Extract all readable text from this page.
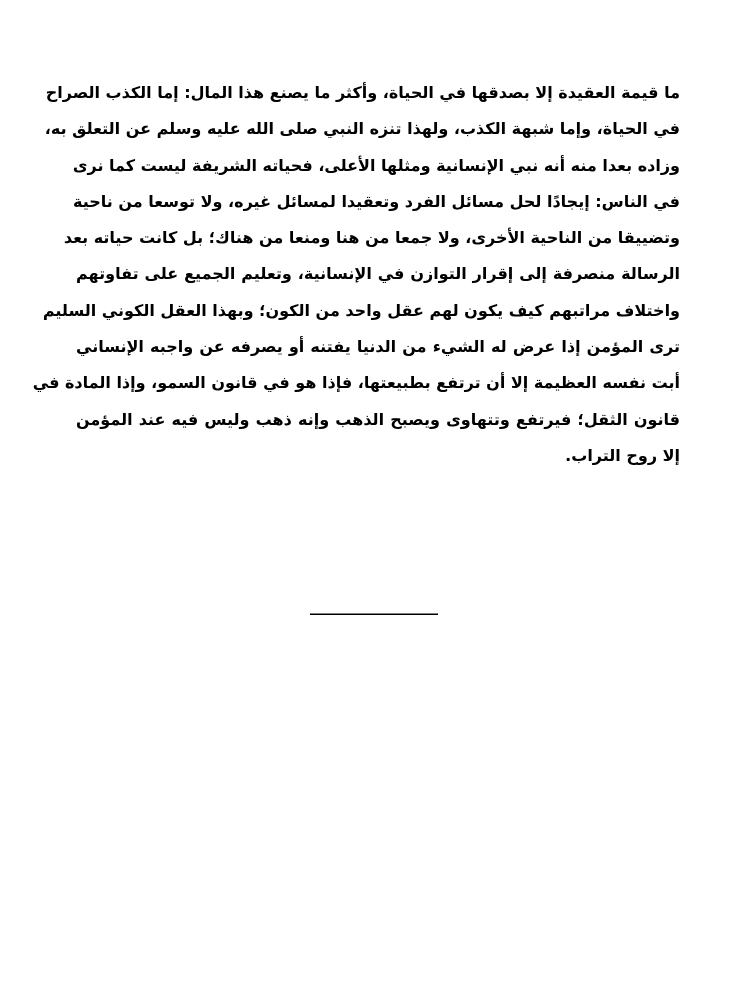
ما قيمة العقيدة إلا بصدقها في الحياة، وأكثر ما يصنع هذا المال: إما الكذب الصراح
في الحياة، وإما شبهة الكذب، ولهذا تنزه النبي صلى الله عليه وسلم عن التعلق به،
وزاده بعدا منه أنه نبي الإنسانية ومثلها الأعلى، فحياته الشريفة ليست كما نرى
في الناس: إيجادًا لحل مسائل الفرد وتعقيدا لمسائل غيره، ولا توسعا من ناحية
وتضييقا من الناحية الأخرى، ولا جمعا من هنا ومنعا من هناك؛ بل كانت حياته بعد
الرسالة منصرفة إلى إقرار التوازن في الإنسانية، وتعليم الجميع على تفاوتهم
واختلاف مراتبهم كيف يكون لهم عقل واحد من الكون؛ وبهذا العقل الكوني السليم
ترى المؤمن إذا عرض له الشيء من الدنيا يفتنه أو يصرفه عن واجبه الإنساني
أبت نفسه العظيمة إلا أن ترتفع بطبيعتها، فإذا هو في قانون السمو، وإذا المادة في
قانون الثقل؛ فيرتفع وتتهاوى ويصبح الذهب وإنه ذهب وليس فيه عند المؤمن
إلا روح التراب.
________________
